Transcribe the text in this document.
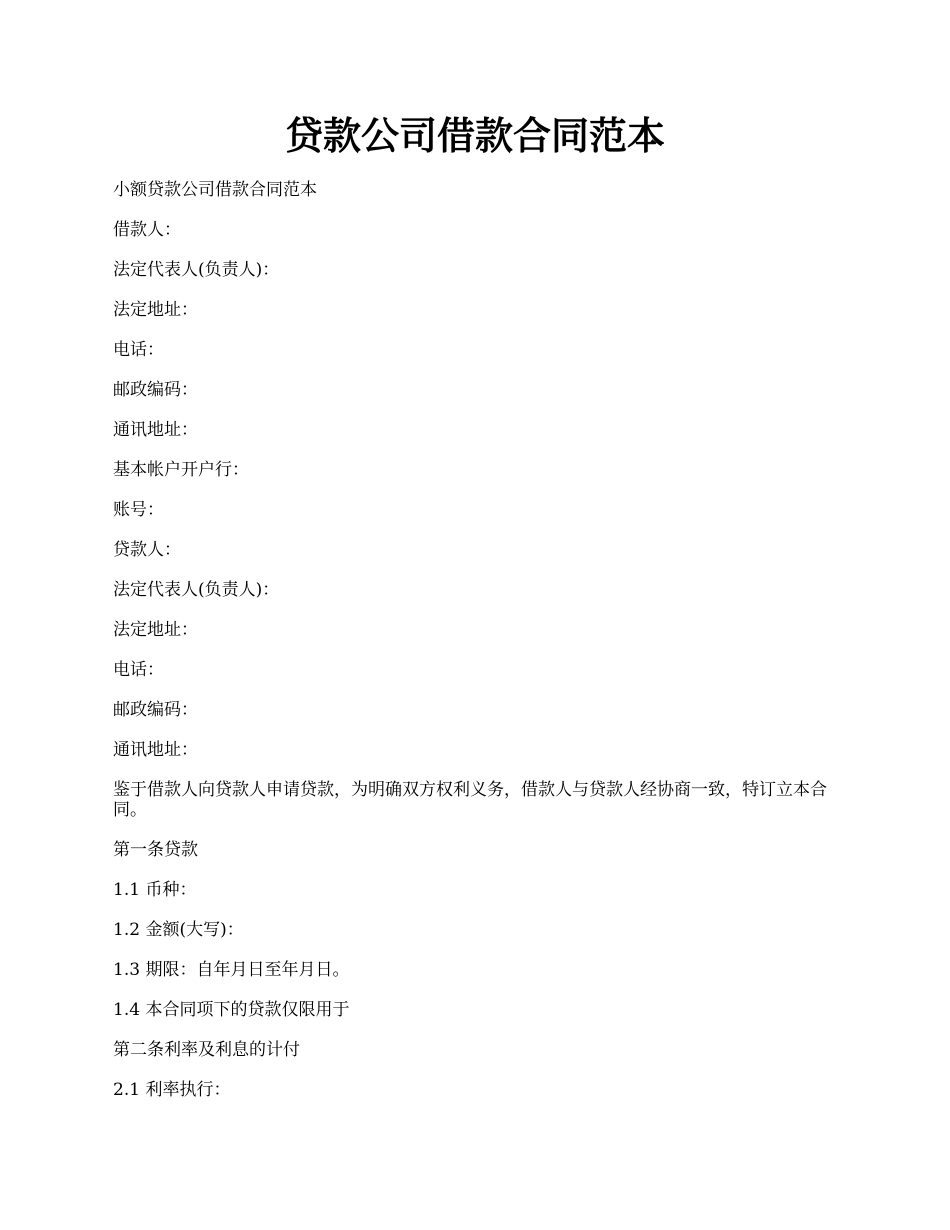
贷款公司借款合同范本

小额贷款公司借款合同范本

借款人：

法定代表人(负责人)：

法定地址：

电话：

邮政编码：

通讯地址：

基本帐户开户行：

账号：

贷款人：

法定代表人(负责人)：

法定地址：

电话：

邮政编码：

通讯地址：

鉴于借款人向贷款人申请贷款，为明确双方权利义务，借款人与贷款人经协商一致，特订立本合同。

第一条贷款

1.1 币种：

1.2 金额(大写)：

1.3 期限：自年月日至年月日。

1.4 本合同项下的贷款仅限用于

第二条利率及利息的计付

2.1 利率执行：
